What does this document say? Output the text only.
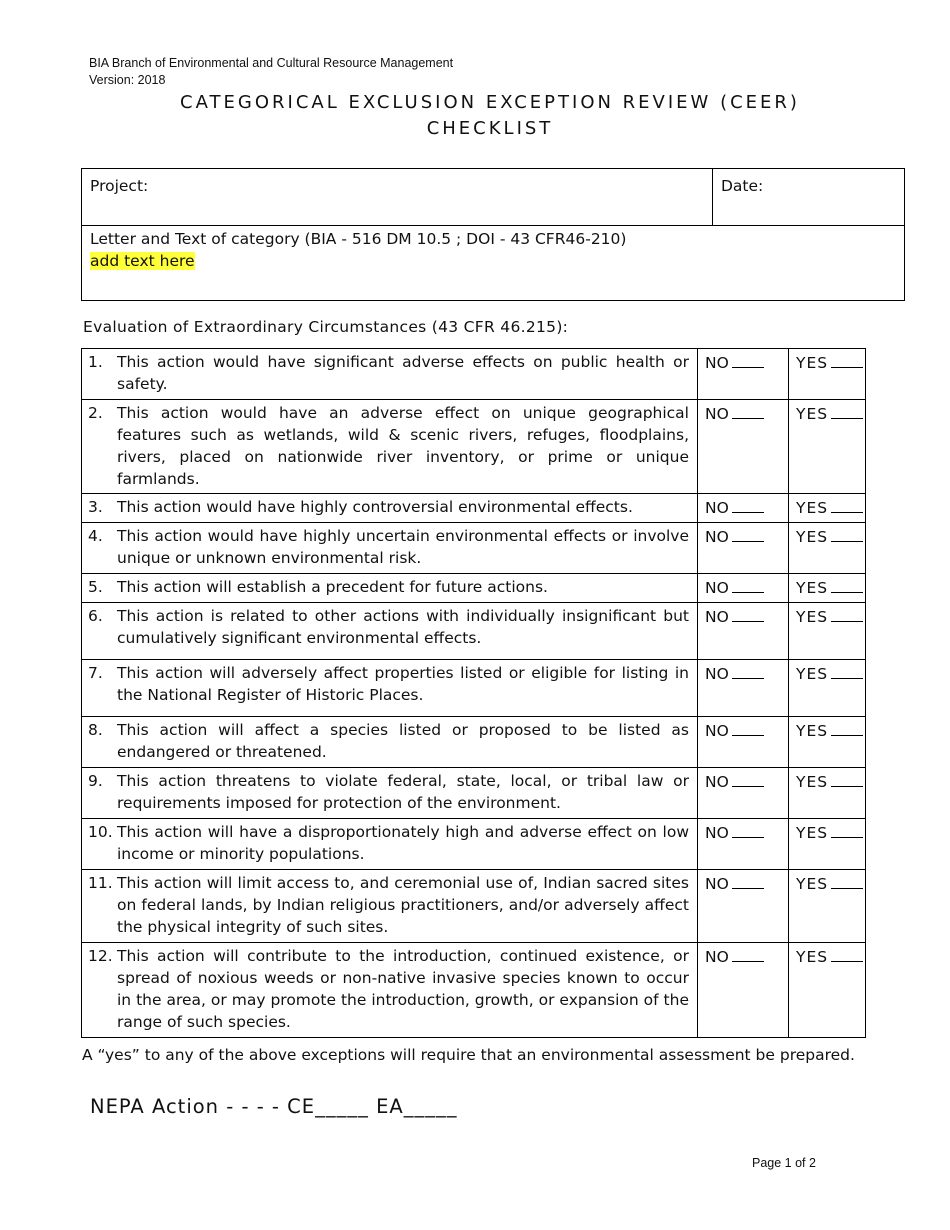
BIA Branch of Environmental and Cultural Resource Management
Version: 2018
CATEGORICAL EXCLUSION EXCEPTION REVIEW (CEER)
CHECKLIST
Project:	Date:
Letter and Text of category (BIA - 516 DM 10.5 ; DOI - 43 CFR46-210)
add text here
Evaluation of Extraordinary Circumstances (43 CFR 46.215):
1. This action would have significant adverse effects on public health or safety.	NO	YES

2. This action would have an adverse effect on unique geographical features such as wetlands, wild & scenic rivers, refuges, floodplains, rivers, placed on nationwide river inventory, or prime or unique farmlands.	NO	YES

3. This action would have highly controversial environmental effects.	NO	YES

4. This action would have highly uncertain environmental effects or involve unique or unknown environmental risk.	NO	YES

5. This action will establish a precedent for future actions.	NO	YES

6. This action is related to other actions with individually insignificant but cumulatively significant environmental effects.	NO	YES

7. This action will adversely affect properties listed or eligible for listing in the National Register of Historic Places.	NO	YES

8. This action will affect a species listed or proposed to be listed as endangered or threatened.	NO	YES

9. This action threatens to violate federal, state, local, or tribal law or requirements imposed for protection of the environment.	NO	YES

10. This action will have a disproportionately high and adverse effect on low income or minority populations.	NO	YES

11. This action will limit access to, and ceremonial use of, Indian sacred sites on federal lands, by Indian religious practitioners, and/or adversely affect the physical integrity of such sites.	NO	YES

12. This action will contribute to the introduction, continued existence, or spread of noxious weeds or non-native invasive species known to occur in the area, or may promote the introduction, growth, or expansion of the range of such species.	NO	YES
A “yes” to any of the above exceptions will require that an environmental assessment be prepared.
NEPA Action - - - - CE_____ EA_____
Page 1 of 2
